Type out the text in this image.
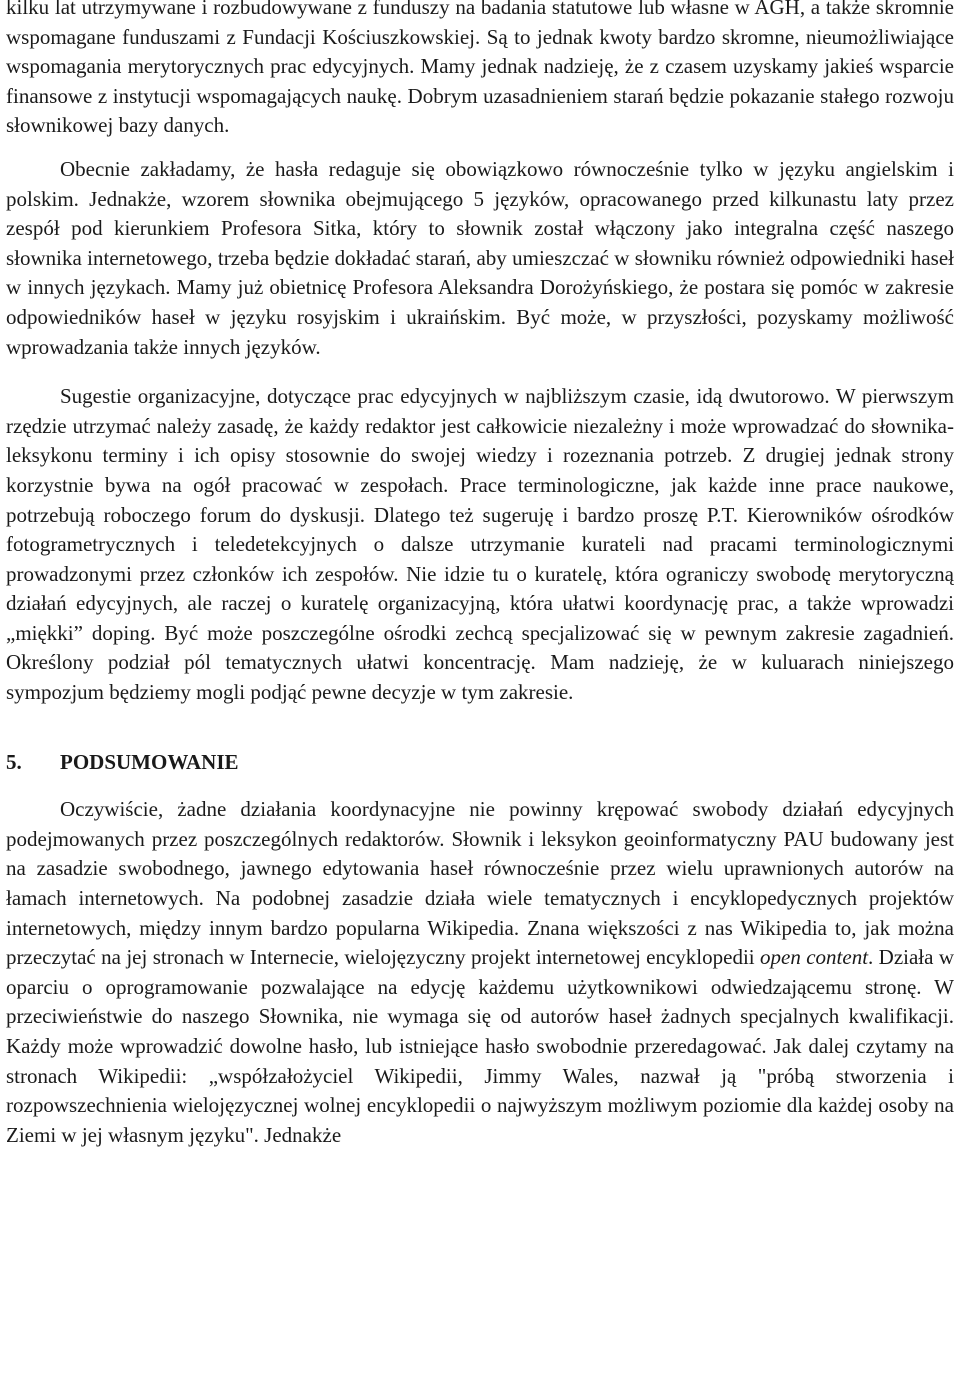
kilku lat utrzymywane i rozbudowywane z funduszy na badania statutowe lub własne w AGH, a także skromnie wspomagane funduszami z Fundacji Kościuszkowskiej. Są to jednak kwoty bardzo skromne, nieumożliwiające wspomagania merytorycznych prac edycyjnych. Mamy jednak nadzieję, że z czasem uzyskamy jakieś wsparcie finansowe z instytucji wspomagających naukę. Dobrym uzasadnieniem starań będzie pokazanie stałego rozwoju słownikowej bazy danych.

Obecnie zakładamy, że hasła redaguje się obowiązkowo równocześnie tylko w języku angielskim i polskim. Jednakże, wzorem słownika obejmującego 5 języków, opracowanego przed kilkunastu laty przez zespół pod kierunkiem Profesora Sitka, który to słownik został włączony jako integralna część naszego słownika internetowego, trzeba będzie dokładać starań, aby umieszczać w słowniku również odpowiedniki haseł w innych językach. Mamy już obietnicę Profesora Aleksandra Dorożyńskiego, że postara się pomóc w zakresie odpowiedników haseł w języku rosyjskim i ukraińskim. Być może, w przyszłości, pozyskamy możliwość wprowadzania także innych języków.

Sugestie organizacyjne, dotyczące prac edycyjnych w najbliższym czasie, idą dwutorowo. W pierwszym rzędzie utrzymać należy zasadę, że każdy redaktor jest całkowicie niezależny i może wprowadzać do słownika-leksykonu terminy i ich opisy stosownie do swojej wiedzy i rozeznania potrzeb. Z drugiej jednak strony korzystnie bywa na ogół pracować w zespołach. Prace terminologiczne, jak każde inne prace naukowe, potrzebują roboczego forum do dyskusji. Dlatego też sugeruję i bardzo proszę P.T. Kierowników ośrodków fotogrametrycznych i teledetekcyjnych o dalsze utrzymanie kurateli nad pracami terminologicznymi prowadzonymi przez członków ich zespołów. Nie idzie tu o kuratelę, która ograniczy swobodę merytoryczną działań edycyjnych, ale raczej o kuratelę organizacyjną, która ułatwi koordynację prac, a także wprowadzi „miękki” doping. Być może poszczególne ośrodki zechcą specjalizować się w pewnym zakresie zagadnień. Określony podział pól tematycznych ułatwi koncentrację. Mam nadzieję, że w kuluarach niniejszego sympozjum będziemy mogli podjąć pewne decyzje w tym zakresie.

5. PODSUMOWANIE

Oczywiście, żadne działania koordynacyjne nie powinny krępować swobody działań edycyjnych podejmowanych przez poszczególnych redaktorów. Słownik i leksykon geoinformatyczny PAU budowany jest na zasadzie swobodnego, jawnego edytowania haseł równocześnie przez wielu uprawnionych autorów na łamach internetowych. Na podobnej zasadzie działa wiele tematycznych i encyklopedycznych projektów internetowych, między innym bardzo popularna Wikipedia. Znana większości z nas Wikipedia to, jak można przeczytać na jej stronach w Internecie, wielojęzyczny projekt internetowej encyklopedii open content. Działa w oparciu o oprogramowanie pozwalające na edycję każdemu użytkownikowi odwiedzającemu stronę. W przeciwieństwie do naszego Słownika, nie wymaga się od autorów haseł żadnych specjalnych kwalifikacji. Każdy może wprowadzić dowolne hasło, lub istniejące hasło swobodnie przeredagować. Jak dalej czytamy na stronach Wikipedii: „współzałożyciel Wikipedii, Jimmy Wales, nazwał ją "próbą stworzenia i rozpowszechnienia wielojęzycznej wolnej encyklopedii o najwyższym możliwym poziomie dla każdej osoby na Ziemi w jej własnym języku". Jednakże
